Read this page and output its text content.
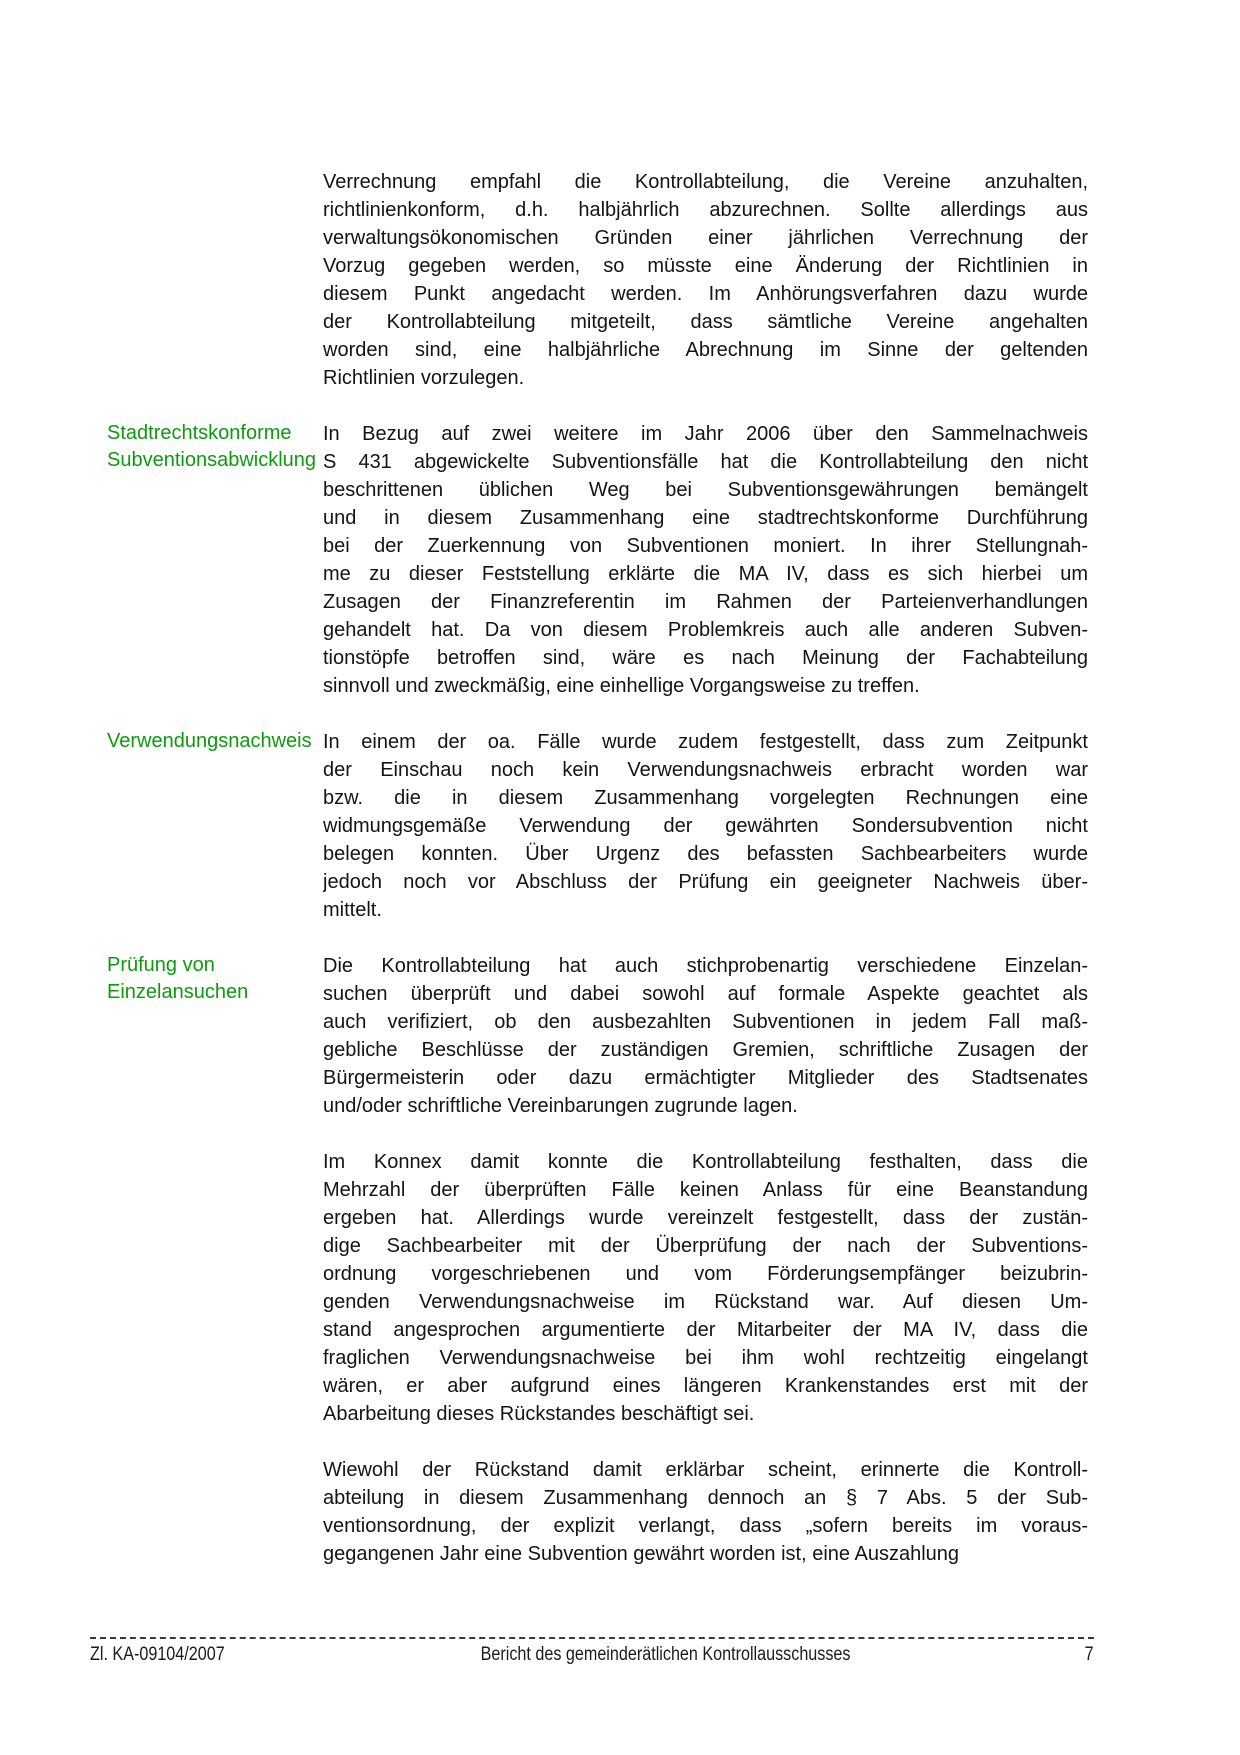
Verrechnung empfahl die Kontrollabteilung, die Vereine anzuhalten,
richtlinienkonform, d.h. halbjährlich abzurechnen. Sollte allerdings aus
verwaltungsökonomischen Gründen einer jährlichen Verrechnung der
Vorzug gegeben werden, so müsste eine Änderung der Richtlinien in
diesem Punkt angedacht werden. Im Anhörungsverfahren dazu wurde
der Kontrollabteilung mitgeteilt, dass sämtliche Vereine angehalten
worden sind, eine halbjährliche Abrechnung im Sinne der geltenden
Richtlinien vorzulegen.
Stadtrechtskonforme
Subventionsabwicklung
In Bezug auf zwei weitere im Jahr 2006 über den Sammelnachweis
S 431 abgewickelte Subventionsfälle hat die Kontrollabteilung den nicht
beschrittenen üblichen Weg bei Subventionsgewährungen bemängelt
und in diesem Zusammenhang eine stadtrechtskonforme Durchführung
bei der Zuerkennung von Subventionen moniert. In ihrer Stellungnah-
me zu dieser Feststellung erklärte die MA IV, dass es sich hierbei um
Zusagen der Finanzreferentin im Rahmen der Parteienverhandlungen
gehandelt hat. Da von diesem Problemkreis auch alle anderen Subven-
tionstöpfe betroffen sind, wäre es nach Meinung der Fachabteilung
sinnvoll und zweckmäßig, eine einhellige Vorgangsweise zu treffen.
Verwendungsnachweis In einem der oa. Fälle wurde zudem festgestellt, dass zum Zeitpunkt
der Einschau noch kein Verwendungsnachweis erbracht worden war
bzw. die in diesem Zusammenhang vorgelegten Rechnungen eine
widmungsgemäße Verwendung der gewährten Sondersubvention nicht
belegen konnten. Über Urgenz des befassten Sachbearbeiters wurde
jedoch noch vor Abschluss der Prüfung ein geeigneter Nachweis über-
mittelt.
Prüfung von
Einzelansuchen
Die Kontrollabteilung hat auch stichprobenartig verschiedene Einzelan-
suchen überprüft und dabei sowohl auf formale Aspekte geachtet als
auch verifiziert, ob den ausbezahlten Subventionen in jedem Fall maß-
gebliche Beschlüsse der zuständigen Gremien, schriftliche Zusagen der
Bürgermeisterin oder dazu ermächtigter Mitglieder des Stadtsenates
und/oder schriftliche Vereinbarungen zugrunde lagen.
Im Konnex damit konnte die Kontrollabteilung festhalten, dass die
Mehrzahl der überprüften Fälle keinen Anlass für eine Beanstandung
ergeben hat. Allerdings wurde vereinzelt festgestellt, dass der zustän-
dige Sachbearbeiter mit der Überprüfung der nach der Subventions-
ordnung vorgeschriebenen und vom Förderungsempfänger beizubrin-
genden Verwendungsnachweise im Rückstand war. Auf diesen Um-
stand angesprochen argumentierte der Mitarbeiter der MA IV, dass die
fraglichen Verwendungsnachweise bei ihm wohl rechtzeitig eingelangt
wären, er aber aufgrund eines längeren Krankenstandes erst mit der
Abarbeitung dieses Rückstandes beschäftigt sei.
Wiewohl der Rückstand damit erklärbar scheint, erinnerte die Kontroll-
abteilung in diesem Zusammenhang dennoch an § 7 Abs. 5 der Sub-
ventionsordnung, der explizit verlangt, dass „sofern bereits im voraus-
gegangenen Jahr eine Subvention gewährt worden ist, eine Auszahlung
Zl. KA-09104/2007	Bericht des gemeinderätlichen Kontrollausschusses	7
